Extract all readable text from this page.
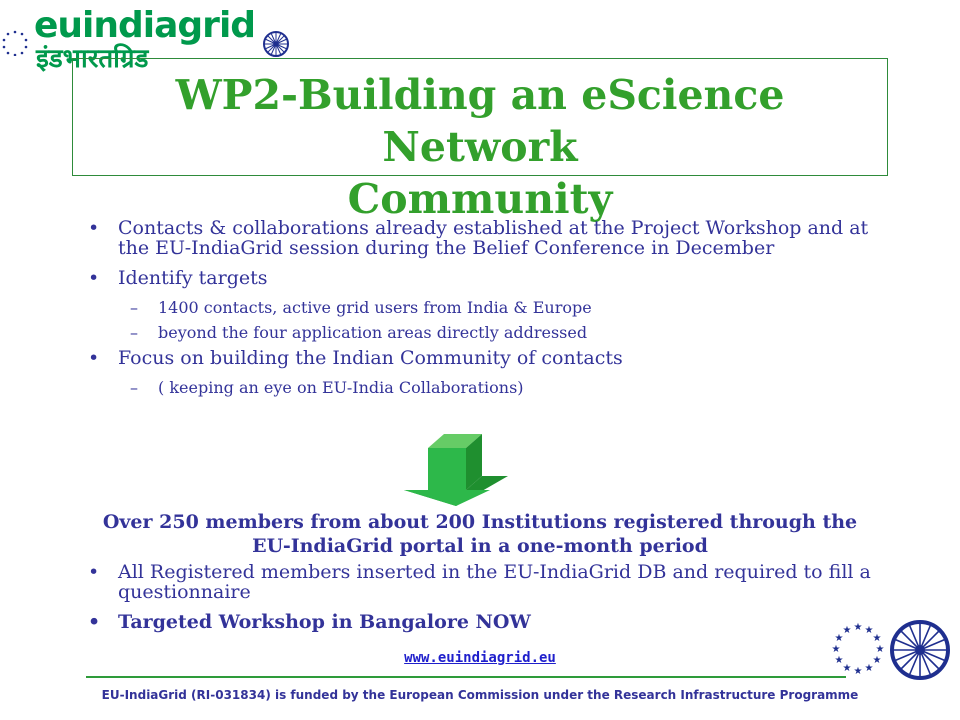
euindiagrid
इंडभारतग्रिड
WP2-Building an eScience Network
Community
• Contacts & collaborations already established at the Project Workshop and at the EU-IndiaGrid session during the Belief Conference in December
• Identify targets
– 1400 contacts, active grid users from India & Europe
– beyond the four application areas directly addressed
• Focus on building the Indian Community of contacts
– ( keeping an eye on EU-India Collaborations)
Over 250 members from about 200 Institutions registered through the
EU-IndiaGrid portal in a one-month period
• All Registered members inserted in the EU-IndiaGrid DB and required to fill a questionnaire
• Targeted Workshop in Bangalore NOW
www.euindiagrid.eu
EU-IndiaGrid (RI-031834) is funded by the European Commission under the Research Infrastructure Programme
★ ★
★
★
★
★
★
★
★
★
★
★
